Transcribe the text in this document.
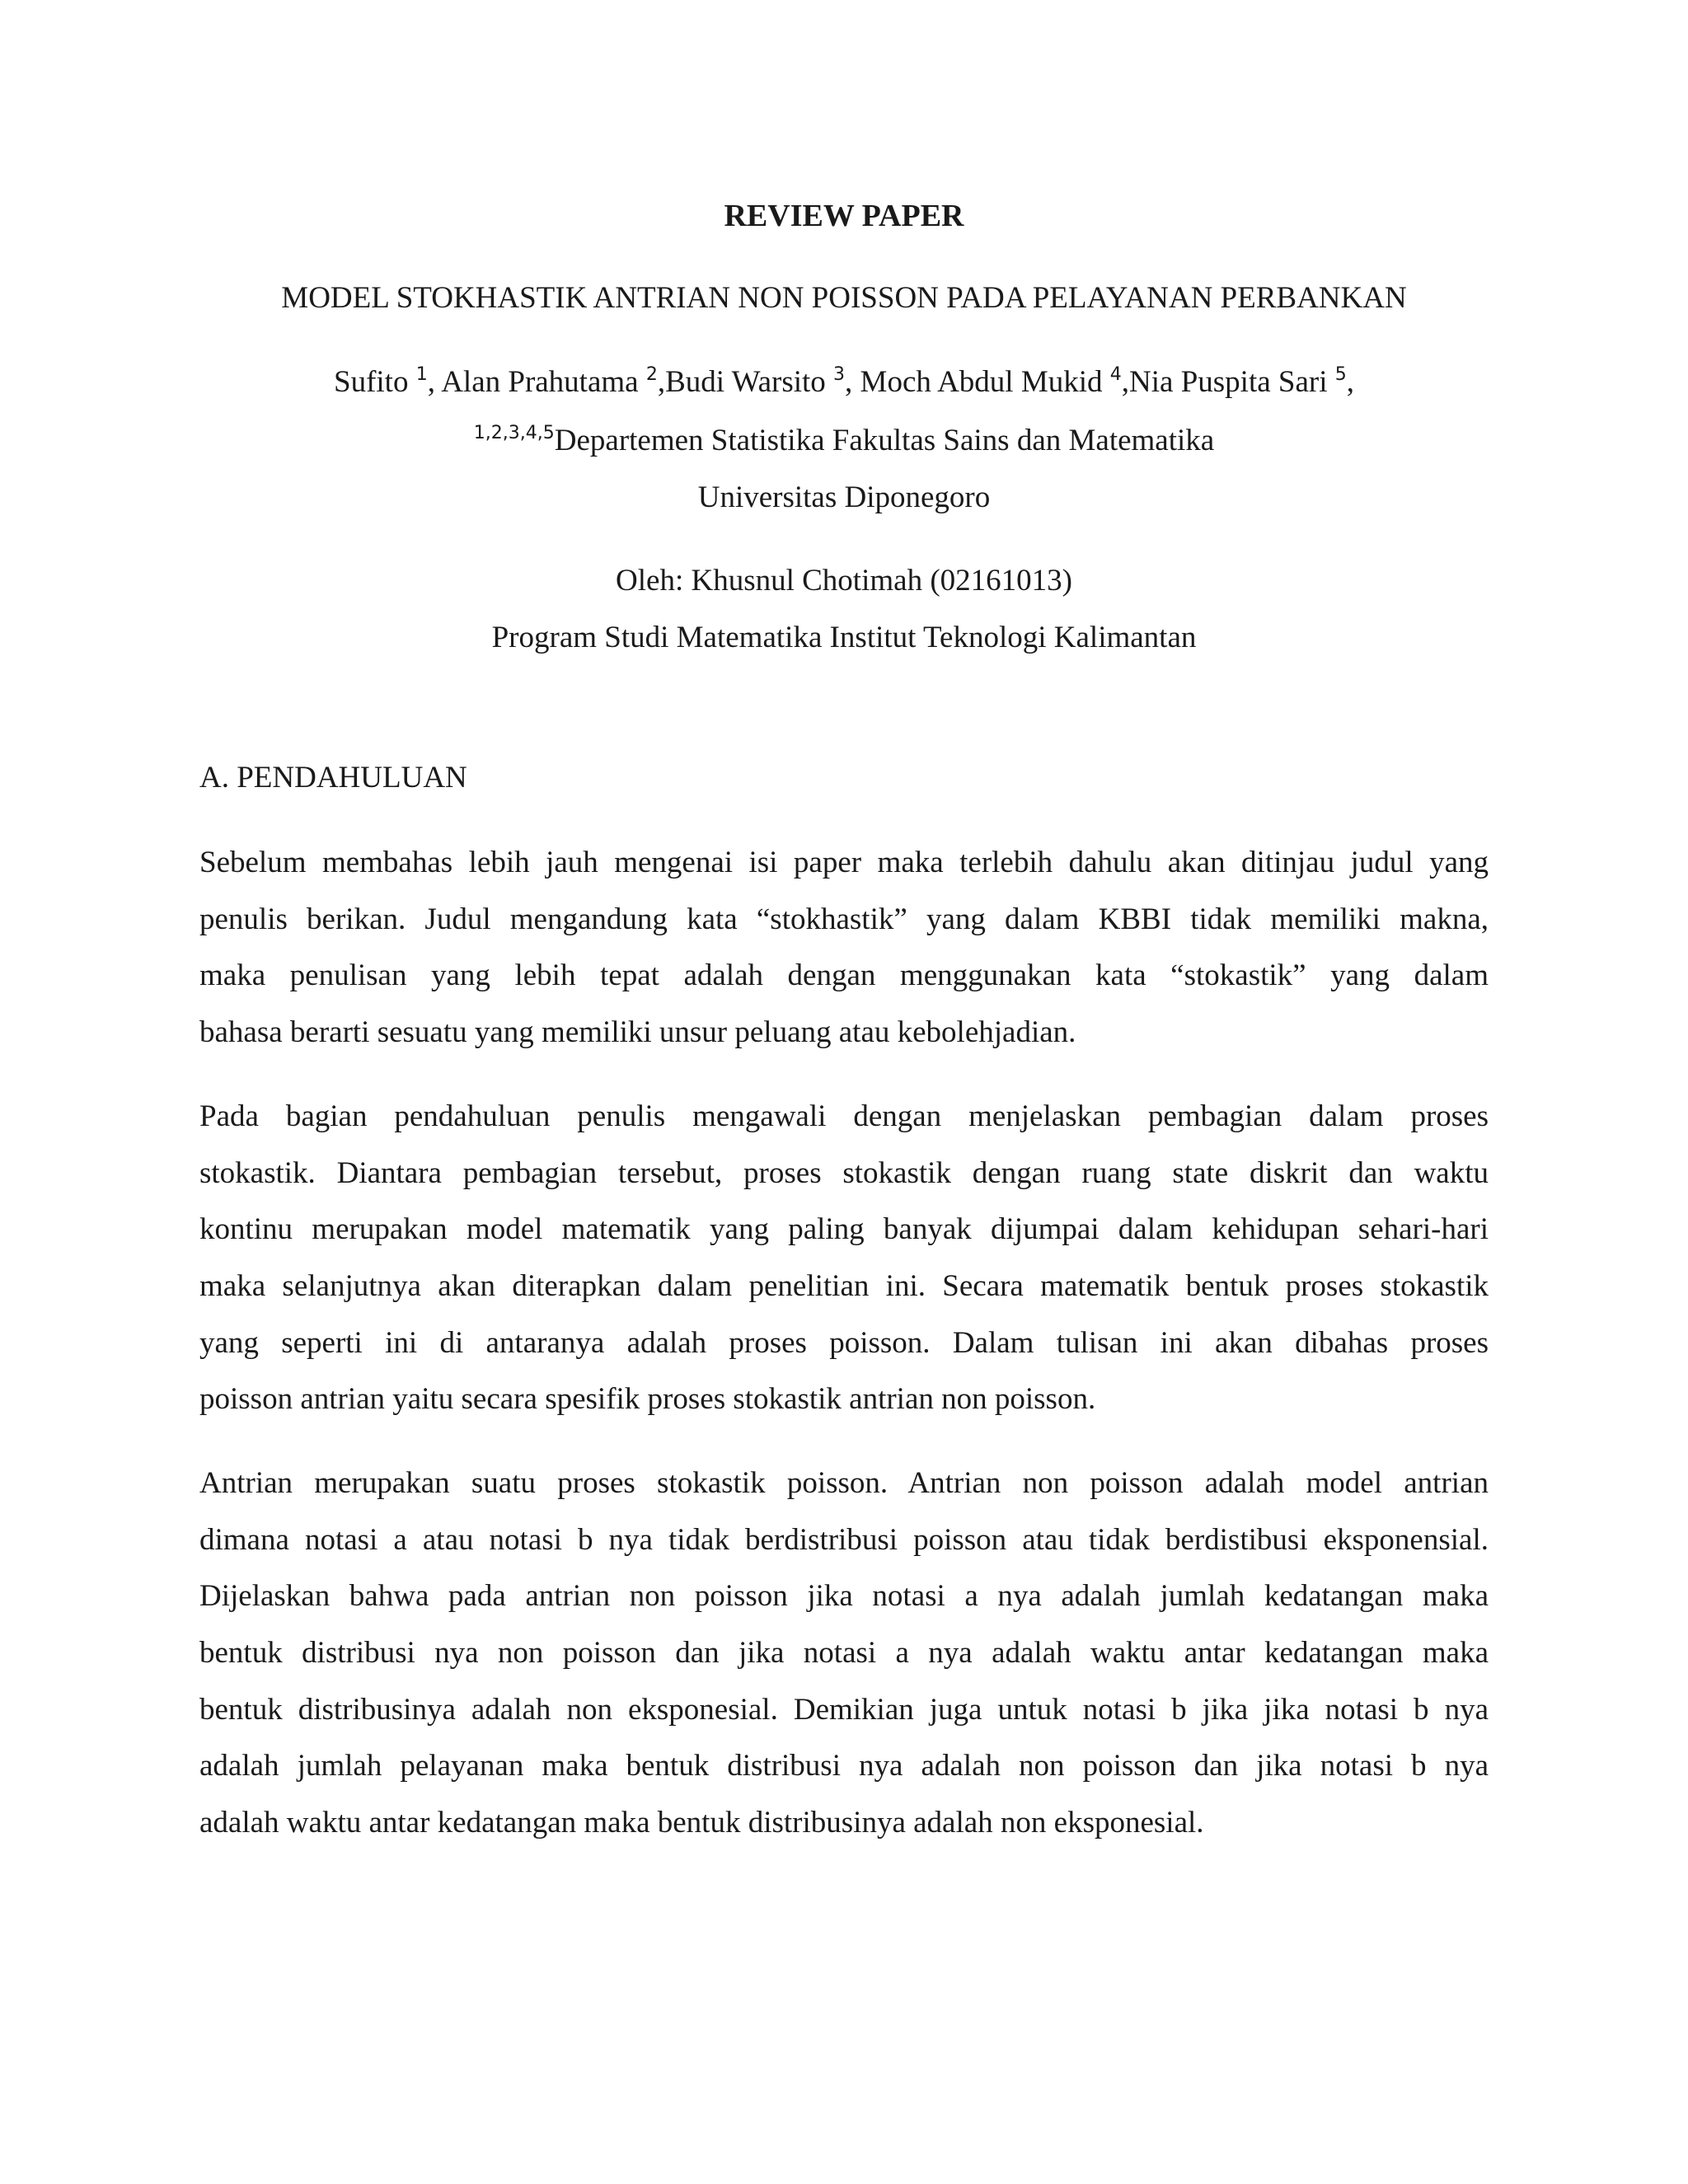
REVIEW PAPER
MODEL STOKHASTIK ANTRIAN NON POISSON PADA PELAYANAN PERBANKAN
Sufito $^1$, Alan Prahutama $^2$,Budi Warsito $^3$, Moch Abdul Mukid $^4$,Nia Puspita Sari $^5$,
$^{1,2,3,4,5}$Departemen Statistika Fakultas Sains dan Matematika
Universitas Diponegoro
Oleh: Khusnul Chotimah (02161013)
Program Studi Matematika Institut Teknologi Kalimantan
A. PENDAHULUAN
Sebelum membahas lebih jauh mengenai isi paper maka terlebih dahulu akan ditinjau judul yang
penulis berikan. Judul mengandung kata “stokhastik” yang dalam KBBI tidak memiliki makna,
maka penulisan yang lebih tepat adalah dengan menggunakan kata “stokastik” yang dalam
bahasa berarti sesuatu yang memiliki unsur peluang atau kebolehjadian.
Pada bagian pendahuluan penulis mengawali dengan menjelaskan pembagian dalam proses
stokastik. Diantara pembagian tersebut, proses stokastik dengan ruang state diskrit dan waktu
kontinu merupakan model matematik yang paling banyak dijumpai dalam kehidupan sehari-hari
maka selanjutnya akan diterapkan dalam penelitian ini. Secara matematik bentuk proses stokastik
yang seperti ini di antaranya adalah proses poisson. Dalam tulisan ini akan dibahas proses
poisson antrian yaitu secara spesifik proses stokastik antrian non poisson.
Antrian merupakan suatu proses stokastik poisson. Antrian non poisson adalah model antrian
dimana notasi a atau notasi b nya tidak berdistribusi poisson atau tidak berdistibusi eksponensial.
Dijelaskan bahwa pada antrian non poisson jika notasi a nya adalah jumlah kedatangan maka
bentuk distribusi nya non poisson dan jika notasi a nya adalah waktu antar kedatangan maka
bentuk distribusinya adalah non eksponesial. Demikian juga untuk notasi b jika jika notasi b nya
adalah jumlah pelayanan maka bentuk distribusi nya adalah non poisson dan jika notasi b nya
adalah waktu antar kedatangan maka bentuk distribusinya adalah non eksponesial.
